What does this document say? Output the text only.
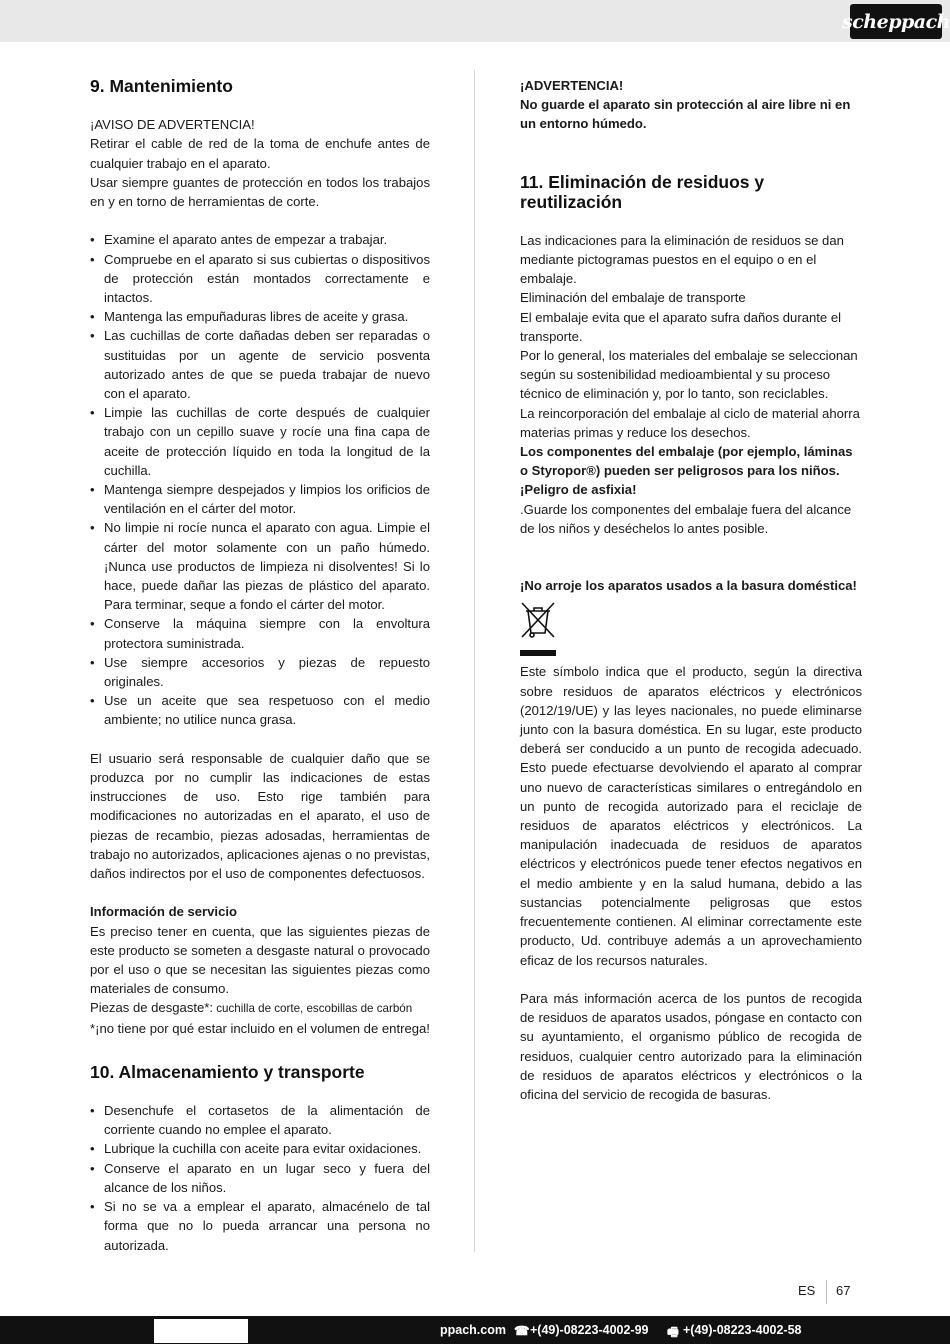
scheppach
9. Mantenimiento

¡AVISO DE ADVERTENCIA!

Retirar el cable de red de la toma de enchufe antes de cualquier trabajo en el aparato.

Usar siempre guantes de protección en todos los trabajos en y en torno de herramientas de corte.

• Examine el aparato antes de empezar a trabajar.
• Compruebe en el aparato si sus cubiertas o dispositivos de protección están montados correctamente e intactos.
• Mantenga las empuñaduras libres de aceite y grasa.
• Las cuchillas de corte dañadas deben ser reparadas o sustituidas por un agente de servicio posventa autorizado antes de que se pueda trabajar de nuevo con el aparato.
• Limpie las cuchillas de corte después de cualquier trabajo con un cepillo suave y rocíe una fina capa de aceite de protección líquido en toda la longitud de la cuchilla.
• Mantenga siempre despejados y limpios los orificios de ventilación en el cárter del motor.
• No limpie ni rocíe nunca el aparato con agua. Limpie el cárter del motor solamente con un paño húmedo. ¡Nunca use productos de limpieza ni disolventes! Si lo hace, puede dañar las piezas de plástico del aparato. Para terminar, seque a fondo el cárter del motor.
• Conserve la máquina siempre con la envoltura protectora suministrada.
• Use siempre accesorios y piezas de repuesto originales.
• Use un aceite que sea respetuoso con el medio ambiente; no utilice nunca grasa.

El usuario será responsable de cualquier daño que se produzca por no cumplir las indicaciones de estas instrucciones de uso. Esto rige también para modificaciones no autorizadas en el aparato, el uso de piezas de recambio, piezas adosadas, herramientas de trabajo no autorizados, aplicaciones ajenas o no previstas, daños indirectos por el uso de componentes defectuosos.

Información de servicio

Es preciso tener en cuenta, que las siguientes piezas de este producto se someten a desgaste natural o provocado por el uso o que se necesitan las siguientes piezas como materiales de consumo.

Piezas de desgaste*: cuchilla de corte, escobillas de carbón

*¡no tiene por qué estar incluido en el volumen de entrega!

10. Almacenamiento y transporte
• Desenchufe el cortasetos de la alimentación de corriente cuando no emplee el aparato.
• Lubrique la cuchilla con aceite para evitar oxidaciones.
• Conserve el aparato en un lugar seco y fuera del alcance de los niños.
• Si no se va a emplear el aparato, almacénelo de tal forma que no lo pueda arrancar una persona no autorizada.

¡ADVERTENCIA!

No guarde el aparato sin protección al aire libre ni en un entorno húmedo.

11. Eliminación de residuos y reutilización

Las indicaciones para la eliminación de residuos se dan mediante pictogramas puestos en el equipo o en el embalaje.

Eliminación del embalaje de transporte

El embalaje evita que el aparato sufra daños durante el transporte.

Por lo general, los materiales del embalaje se seleccionan según su sostenibilidad medioambiental y su proceso técnico de eliminación y, por lo tanto, son reciclables.

La reincorporación del embalaje al ciclo de material ahorra materias primas y reduce los desechos.

Los componentes del embalaje (por ejemplo, láminas o Styropor®) pueden ser peligrosos para los niños. ¡Peligro de asfixia!

.Guarde los componentes del embalaje fuera del alcance de los niños y deséchelos lo antes posible.

¡No arroje los aparatos usados a la basura doméstica!

Este símbolo indica que el producto, según la directiva sobre residuos de aparatos eléctricos y electrónicos (2012/19/UE) y las leyes nacionales, no puede eliminarse junto con la basura doméstica. En su lugar, este producto deberá ser conducido a un punto de recogida adecuado. Esto puede efectuarse devolviendo el aparato al comprar uno nuevo de características similares o entregándolo en un punto de recogida autorizado para el reciclaje de residuos de aparatos eléctricos y electrónicos. La manipulación inadecuada de residuos de aparatos eléctricos y electrónicos puede tener efectos negativos en el medio ambiente y en la salud humana, debido a las sustancias potencialmente peligrosas que estos frecuentemente contienen. Al eliminar correctamente este producto, Ud. contribuye además a un aprovechamiento eficaz de los recursos naturales.

Para más información acerca de los puntos de recogida de residuos de aparatos usados, póngase en contacto con su ayuntamiento, el organismo público de recogida de residuos, cualquier centro autorizado para la eliminación de residuos de aparatos eléctricos y electrónicos o la oficina del servicio de recogida de basuras.

ES 67
ppach.com ☎ +(49)-08223-4002-99 🖷 +(49)-08223-4002-58
